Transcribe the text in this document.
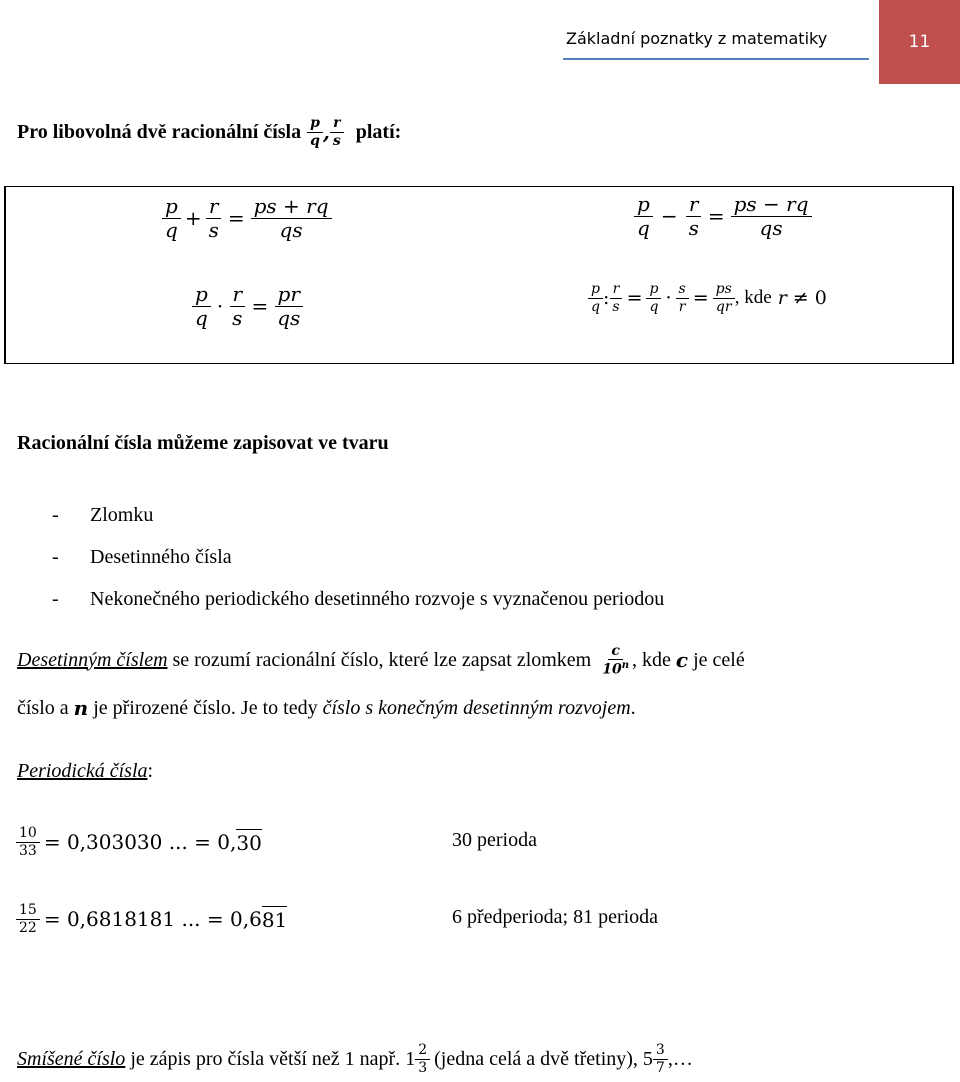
Základní poznatky z matematiky	11
Pro libovolná dvě racionální čísla $\frac{p}{q}$ , $\frac{r}{s}$ platí:
$\frac{p}{q} + \frac{r}{s} = \frac{ps + rq}{qs}$	$\frac{p}{q} - \frac{r}{s} = \frac{ps - rq}{qs}$
$\frac{p}{q} \cdot \frac{r}{s} = \frac{pr}{qs}$	$\frac{p}{q}$ : $\frac{r}{s} = \frac{p}{q} \cdot \frac{s}{r} = \frac{ps}{qr}$ , kde r ≠ 0
Racionální čísla můžeme zapisovat ve tvaru
-	Zlomku
-	Desetinného čísla
-	Nekonečného periodického desetinného rozvoje s vyznačenou periodou
Desetinným číslem se rozumí racionální číslo, které lze zapsat zlomkem $\frac{c}{10^n}$ , kde c je celé
číslo a n je přirozené číslo. Je to tedy číslo s konečným desetinným rozvojem .
Periodická čísla:
$\frac{10}{33} = 0,303030$ ... = 0, 30	30 perioda
$\frac{15}{22} = 0,6818181$ ... = 0,6 81	6 předperioda; 81 perioda
Smíšené číslo je zápis pro čísla větší než 1 např. $1 \frac{2}{3}$ (jedna celá a dvě třetiny), $5 \frac{3}{7}$ ,…
